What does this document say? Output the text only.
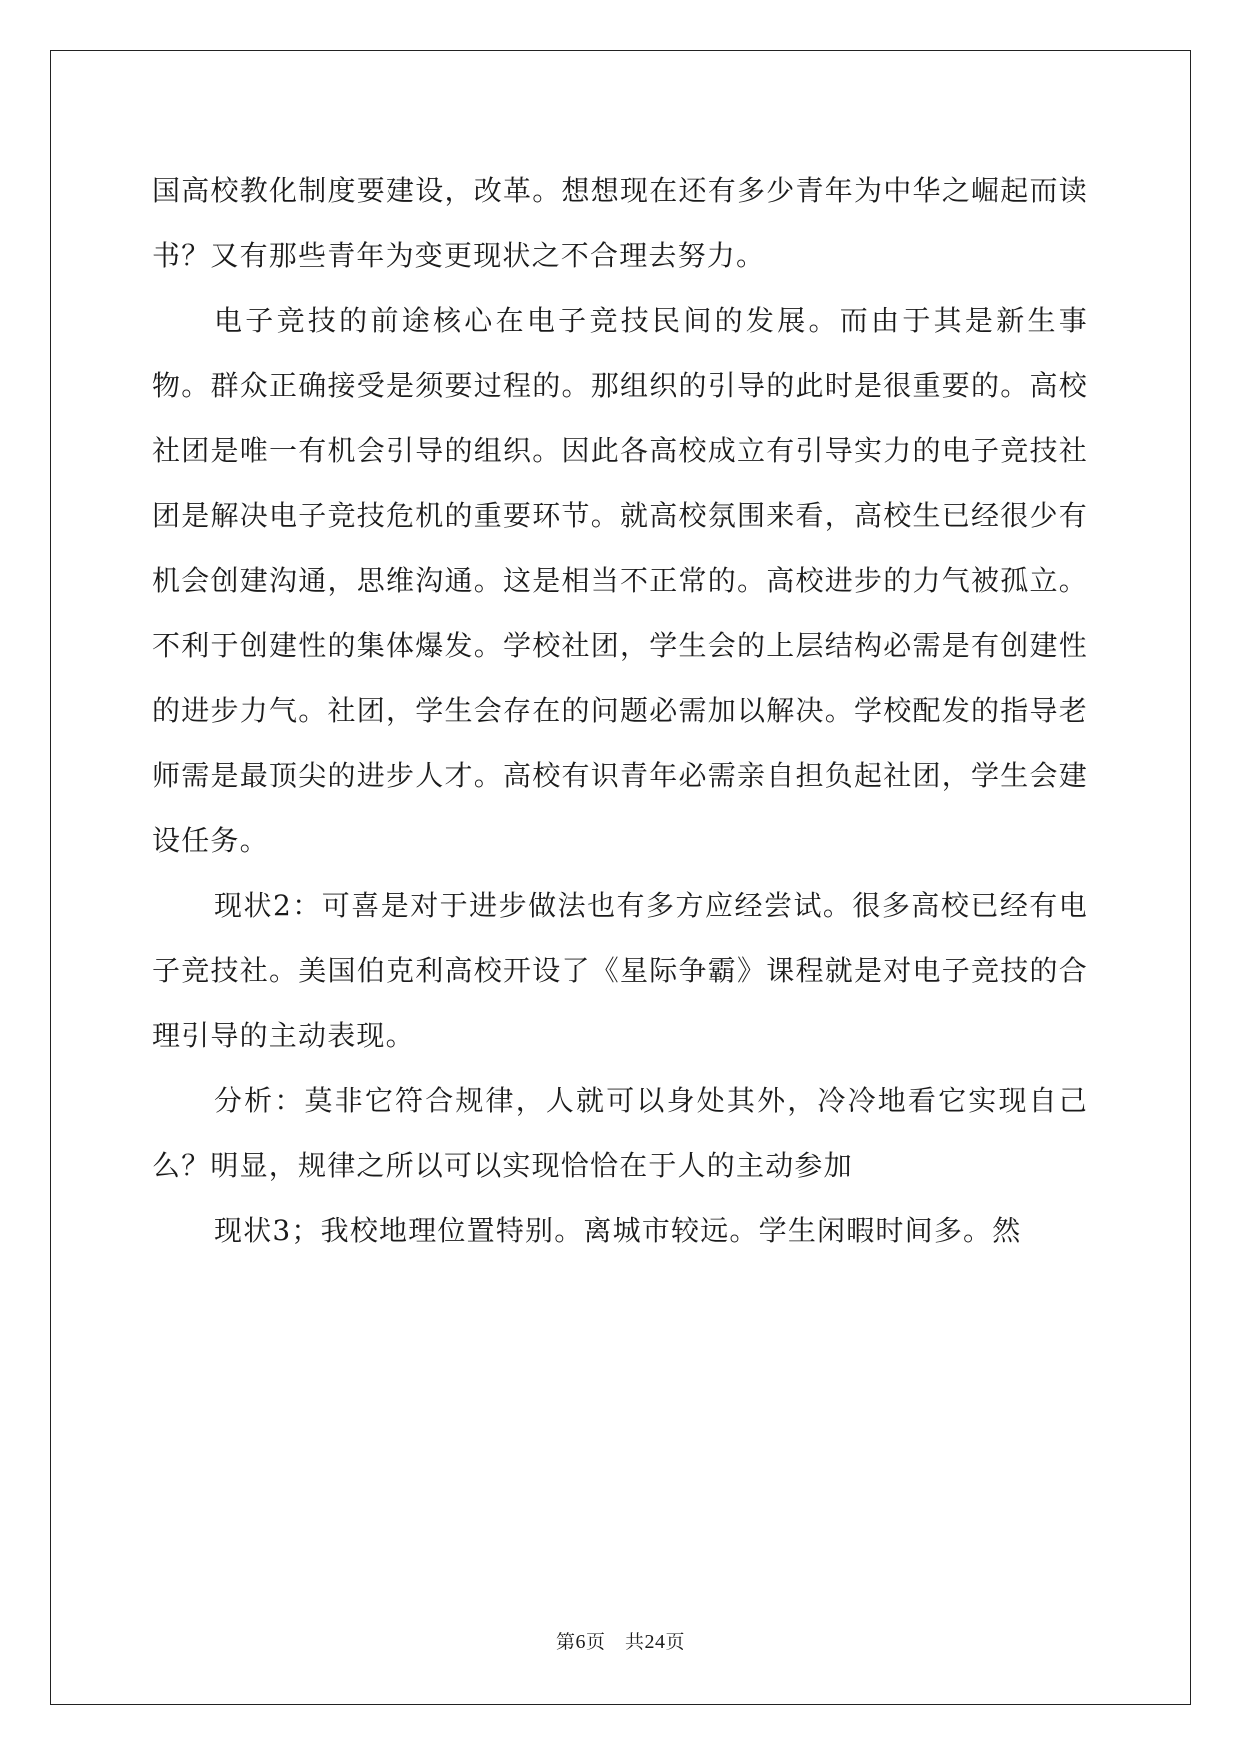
国高校教化制度要建设，改革。想想现在还有多少青年为中华之崛起而读书？又有那些青年为变更现状之不合理去努力。

电子竞技的前途核心在电子竞技民间的发展。而由于其是新生事物。群众正确接受是须要过程的。那组织的引导的此时是很重要的。高校社团是唯一有机会引导的组织。因此各高校成立有引导实力的电子竞技社团是解决电子竞技危机的重要环节。就高校氛围来看，高校生已经很少有机会创建沟通，思维沟通。这是相当不正常的。高校进步的力气被孤立。不利于创建性的集体爆发。学校社团，学生会的上层结构必需是有创建性的进步力气。社团，学生会存在的问题必需加以解决。学校配发的指导老师需是最顶尖的进步人才。高校有识青年必需亲自担负起社团，学生会建设任务。

现状2：可喜是对于进步做法也有多方应经尝试。很多高校已经有电子竞技社。美国伯克利高校开设了《星际争霸》课程就是对电子竞技的合理引导的主动表现。

分析：莫非它符合规律，人就可以身处其外，冷冷地看它实现自己么？明显，规律之所以可以实现恰恰在于人的主动参加

现状3；我校地理位置特别。离城市较远。学生闲暇时间多。然

第6页　共24页
